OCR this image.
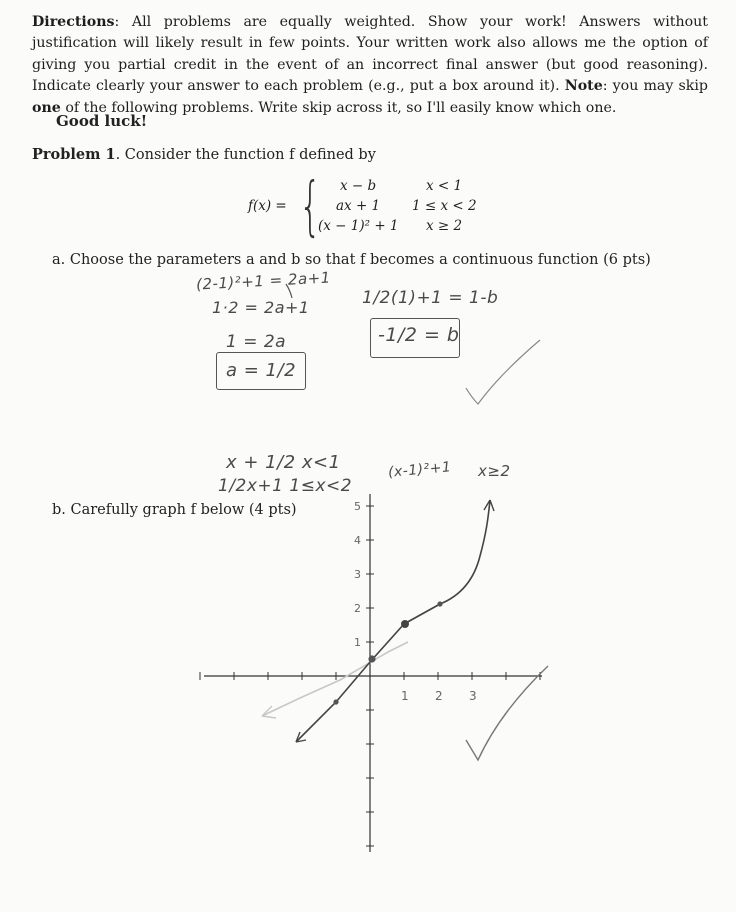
Directions: All problems are equally weighted. Show your work! Answers without justification will likely result in few points. Your written work also allows me the option of giving you partial credit in the event of an incorrect final answer (but good reasoning). Indicate clearly your answer to each problem (e.g., put a box around it). Note: you may skip one of the following problems. Write skip across it, so I'll easily know which one.
Good luck!
Problem 1. Consider the function f defined by
f(x) = { x − b	x < 1
ax + 1 1 ≤ x < 2
(x − 1)² + 1 x ≥ 2
a. Choose the parameters a and b so that f becomes a continuous function (6 pts)
(2-1)²+1 = 2a+1
1·2 = 2a+1
1 = 2a
a = 1/2
1/2(1)+1 = 1-b
-1/2 = b
x + 1/2 x<1
1/2x+1 1≤x<2
(x-1)²+1 x≥2
b. Carefully graph f below (4 pts)	5
4
3
2
1
1 2 3
